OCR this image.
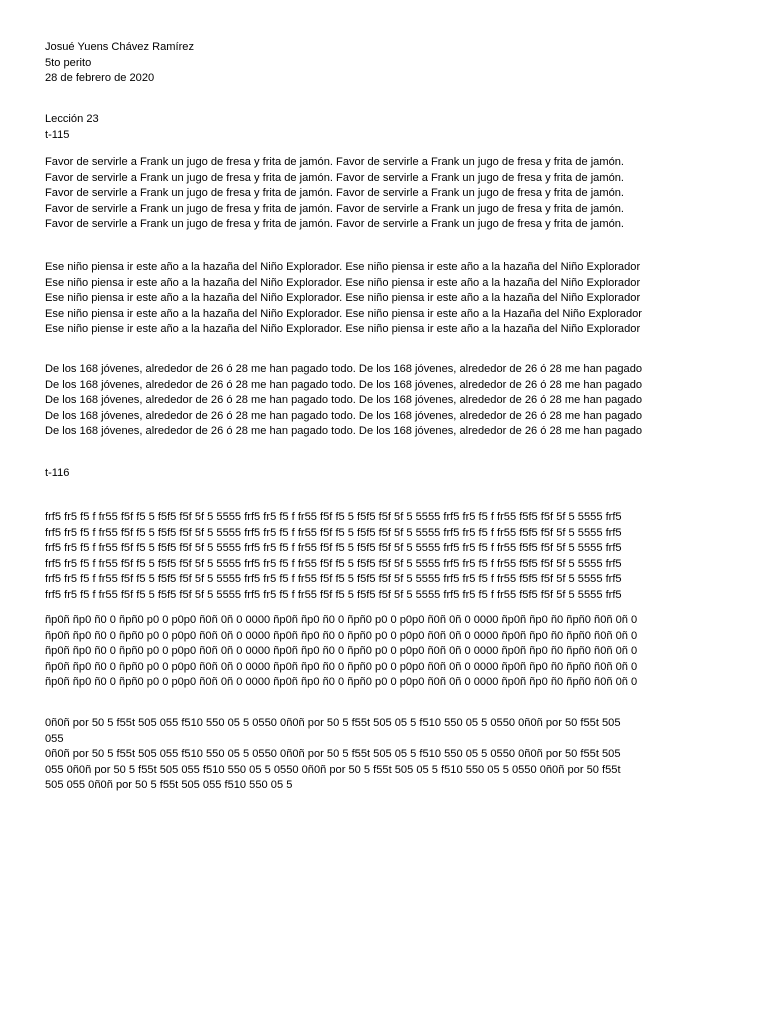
Josué Yuens Chávez Ramírez
5to perito
28 de febrero de 2020
Lección 23
t-115
Favor de servirle a Frank un jugo de fresa y frita de jamón. Favor de servirle a Frank un jugo de fresa y frita de jamón.
Favor de servirle a Frank un jugo de fresa y frita de jamón. Favor de servirle a Frank un jugo de fresa y frita de jamón.
Favor de servirle a Frank un jugo de fresa y frita de jamón. Favor de servirle a Frank un jugo de fresa y frita de jamón.
Favor de servirle a Frank un jugo de fresa y frita de jamón. Favor de servirle a Frank un jugo de fresa y frita de jamón.
Favor de servirle a Frank un jugo de fresa y frita de jamón. Favor de servirle a Frank un jugo de fresa y frita de jamón.
Ese niño piensa ir este año a la hazaña del Niño Explorador. Ese niño piensa ir este año a la hazaña del Niño Explorador
Ese niño piensa ir este año a la hazaña del Niño Explorador. Ese niño piensa ir este año a la hazaña del Niño Explorador
Ese niño piensa ir este año a la hazaña del Niño Explorador. Ese niño piensa ir este año a la hazaña del Niño Explorador
Ese niño piensa ir este año a la hazaña del Niño Explorador. Ese niño piensa ir este año a la Hazaña del Niño Explorador
Ese niño piense ir este año a la hazaña del Niño Explorador. Ese niño piensa ir este año a la hazaña del Niño Explorador
De los 168 jóvenes, alrededor de 26 ó 28 me han pagado todo. De los 168 jóvenes, alrededor de 26 ó 28 me han pagado
De los 168 jóvenes, alrededor de 26 ó 28 me han pagado todo. De los 168 jóvenes, alrededor de 26 ó 28 me han pagado
De los 168 jóvenes, alrededor de 26 ó 28 me han pagado todo. De los 168 jóvenes, alrededor de 26 ó 28 me han pagado
De los 168 jóvenes, alrededor de 26 ó 28 me han pagado todo. De los 168 jóvenes, alrededor de 26 ó 28 me han pagado
De los 168 jóvenes, alrededor de 26 ó 28 me han pagado todo. De los 168 jóvenes, alrededor de 26 ó 28 me han pagado
t-116
frf5 fr5 f5 f fr55 f5f f5 5 f5f5 f5f 5f 5 5555 frf5 fr5 f5 f fr55 f5f f5 5 f5f5 f5f 5f 5 5555 frf5 fr5 f5 f fr55 f5f5 f5f 5f 5 5555 frf5
frf5 fr5 f5 f fr55 f5f f5 5 f5f5 f5f 5f 5 5555 frf5 fr5 f5 f fr55 f5f f5 5 f5f5 f5f 5f 5 5555 frf5 fr5 f5 f fr55 f5f5 f5f 5f 5 5555 frf5
frf5 fr5 f5 f fr55 f5f f5 5 f5f5 f5f 5f 5 5555 frf5 fr5 f5 f fr55 f5f f5 5 f5f5 f5f 5f 5 5555 frf5 fr5 f5 f fr55 f5f5 f5f 5f 5 5555 frf5
frf5 fr5 f5 f fr55 f5f f5 5 f5f5 f5f 5f 5 5555 frf5 fr5 f5 f fr55 f5f f5 5 f5f5 f5f 5f 5 5555 frf5 fr5 f5 f fr55 f5f5 f5f 5f 5 5555 frf5
frf5 fr5 f5 f fr55 f5f f5 5 f5f5 f5f 5f 5 5555 frf5 fr5 f5 f fr55 f5f f5 5 f5f5 f5f 5f 5 5555 frf5 fr5 f5 f fr55 f5f5 f5f 5f 5 5555 frf5
frf5 fr5 f5 f fr55 f5f f5 5 f5f5 f5f 5f 5 5555 frf5 fr5 f5 f fr55 f5f f5 5 f5f5 f5f 5f 5 5555 frf5 fr5 f5 f fr55 f5f5 f5f 5f 5 5555 frf5
ñp0ñ ñp0 ñ0 0 ñpñ0 p0 0 p0p0 ñ0ñ 0ñ 0 0000 ñp0ñ ñp0 ñ0 0 ñpñ0 p0 0 p0p0 ñ0ñ 0ñ 0 0000 ñp0ñ ñp0 ñ0 ñpñ0 ñ0ñ 0ñ 0
ñp0ñ ñp0 ñ0 0 ñpñ0 p0 0 p0p0 ñ0ñ 0ñ 0 0000 ñp0ñ ñp0 ñ0 0 ñpñ0 p0 0 p0p0 ñ0ñ 0ñ 0 0000 ñp0ñ ñp0 ñ0 ñpñ0 ñ0ñ 0ñ 0
ñp0ñ ñp0 ñ0 0 ñpñ0 p0 0 p0p0 ñ0ñ 0ñ 0 0000 ñp0ñ ñp0 ñ0 0 ñpñ0 p0 0 p0p0 ñ0ñ 0ñ 0 0000 ñp0ñ ñp0 ñ0 ñpñ0 ñ0ñ 0ñ 0
ñp0ñ ñp0 ñ0 0 ñpñ0 p0 0 p0p0 ñ0ñ 0ñ 0 0000 ñp0ñ ñp0 ñ0 0 ñpñ0 p0 0 p0p0 ñ0ñ 0ñ 0 0000 ñp0ñ ñp0 ñ0 ñpñ0 ñ0ñ 0ñ 0
ñp0ñ ñp0 ñ0 0 ñpñ0 p0 0 p0p0 ñ0ñ 0ñ 0 0000 ñp0ñ ñp0 ñ0 0 ñpñ0 p0 0 p0p0 ñ0ñ 0ñ 0 0000 ñp0ñ ñp0 ñ0 ñpñ0 ñ0ñ 0ñ 0
0ñ0ñ por 50 5 f55t 505 055 f510 550 05 5 0550 0ñ0ñ por 50 5 f55t 505 05 5 f510 550 05 5 0550 0ñ0ñ por 50 f55t 505
055
0ñ0ñ por 50 5 f55t 505 055 f510 550 05 5 0550 0ñ0ñ por 50 5 f55t 505 05 5 f510 550 05 5 0550 0ñ0ñ por 50 f55t 505
055 0ñ0ñ por 50 5 f55t 505 055 f510 550 05 5 0550 0ñ0ñ por 50 5 f55t 505 05 5 f510 550 05 5 0550 0ñ0ñ por 50 f55t
505 055 0ñ0ñ por 50 5 f55t 505 055 f510 550 05 5
